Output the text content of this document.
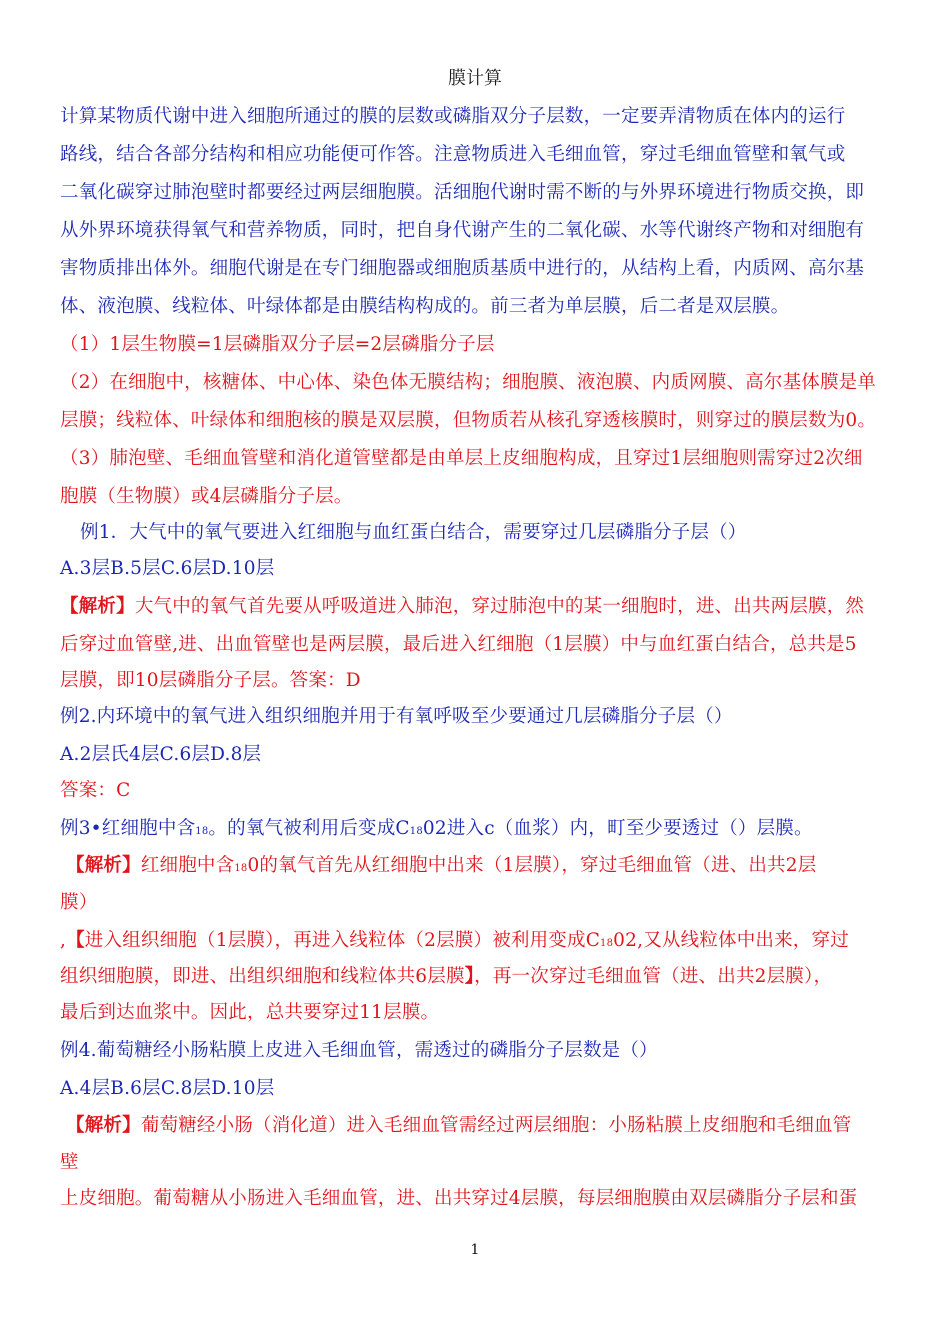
膜计算
计算某物质代谢中进入细胞所通过的膜的层数或磷脂双分子层数，一定要弄清物质在体内的运行
路线，结合各部分结构和相应功能便可作答。注意物质进入毛细血管，穿过毛细血管壁和氧气或
二氧化碳穿过肺泡壁时都要经过两层细胞膜。活细胞代谢时需不断的与外界环境进行物质交换，即
从外界环境获得氧气和营养物质，同时，把自身代谢产生的二氧化碳、水等代谢终产物和对细胞有
害物质排出体外。细胞代谢是在专门细胞器或细胞质基质中进行的，从结构上看，内质网、高尔基
体、液泡膜、线粒体、叶绿体都是由膜结构构成的。前三者为单层膜，后二者是双层膜。
（1）1层生物膜=1层磷脂双分子层=2层磷脂分子层
（2）在细胞中，核糖体、中心体、染色体无膜结构；细胞膜、液泡膜、内质网膜、高尔基体膜是单
层膜；线粒体、叶绿体和细胞核的膜是双层膜，但物质若从核孔穿透核膜时，则穿过的膜层数为0。
（3）肺泡壁、毛细血管壁和消化道管壁都是由单层上皮细胞构成，且穿过1层细胞则需穿过2次细
胞膜（生物膜）或4层磷脂分子层。
例1．大气中的氧气要进入红细胞与血红蛋白结合，需要穿过几层磷脂分子层（）
A.3层B.5层C.6层D.10层
【解析】大气中的氧气首先要从呼吸道进入肺泡，穿过肺泡中的某一细胞时，进、出共两层膜，然
后穿过血管壁,进、出血管壁也是两层膜，最后进入红细胞（1层膜）中与血红蛋白结合，总共是5
层膜，即10层磷脂分子层。答案：D
例2.内环境中的氧气进入组织细胞并用于有氧呼吸至少要通过几层磷脂分子层（）
A.2层氏4层C.6层D.8层
答案：C
例3•红细胞中含18。的氧气被利用后变成C1802进入c（血浆）内，町至少要透过（）层膜。
【解析】红细胞中含180的氧气首先从红细胞中出来（1层膜），穿过毛细血管（进、出共2层
膜）
,【进入组织细胞（1层膜），再进入线粒体（2层膜）被利用变成C1802,又从线粒体中出来，穿过
组织细胞膜，即进、出组织细胞和线粒体共6层膜】，再一次穿过毛细血管（进、出共2层膜），
最后到达血浆中。因此，总共要穿过11层膜。
例4.葡萄糖经小肠粘膜上皮进入毛细血管，需透过的磷脂分子层数是（）
A.4层B.6层C.8层D.10层
【解析】葡萄糖经小肠（消化道）进入毛细血管需经过两层细胞：小肠粘膜上皮细胞和毛细血管
壁
上皮细胞。葡萄糖从小肠进入毛细血管，进、出共穿过4层膜，每层细胞膜由双层磷脂分子层和蛋
1
